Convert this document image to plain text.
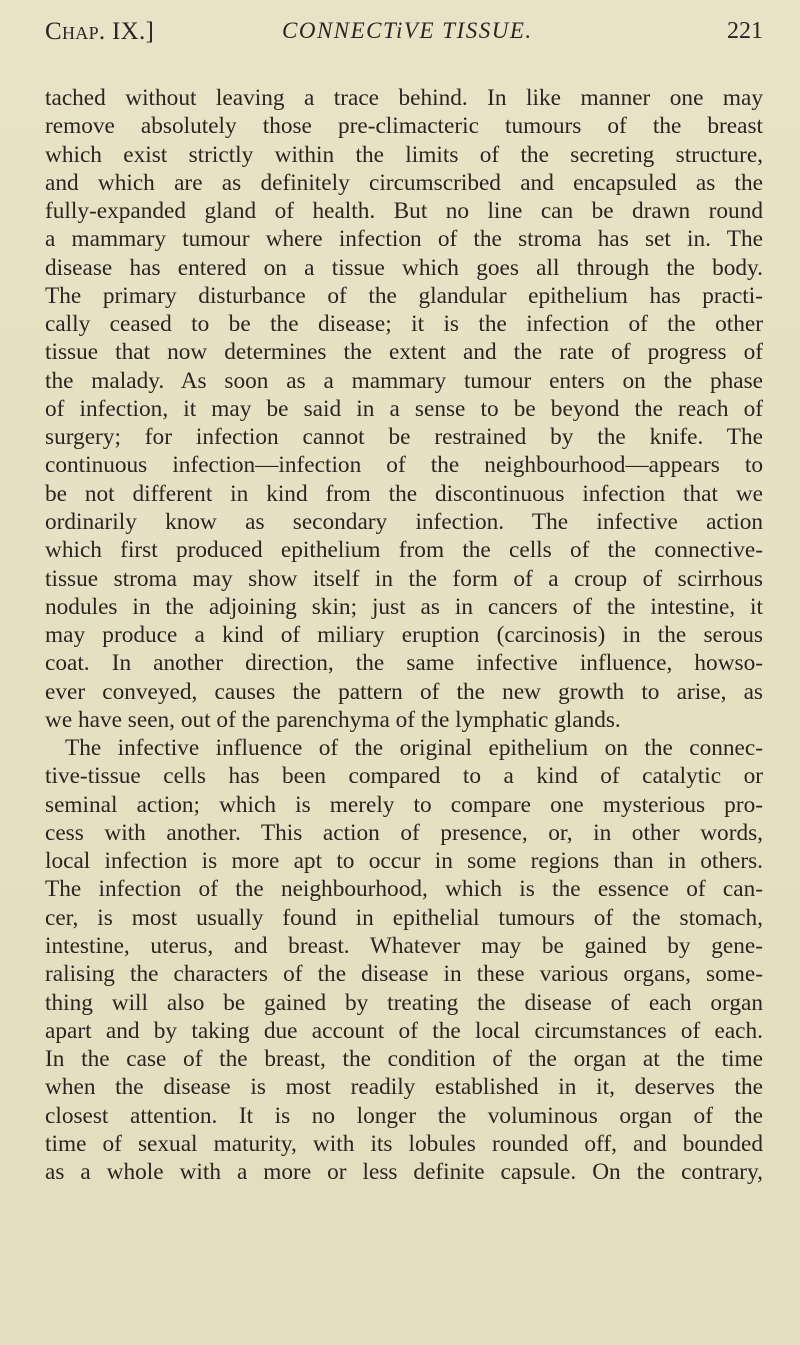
Chap. IX.]	CONNECTiVE TISSUE.	221
tached without leaving a trace behind. In like manner one may
remove absolutely those pre-climacteric tumours of the breast
which exist strictly within the limits of the secreting structure,
and which are as definitely circumscribed and encapsuled as the
fully-expanded gland of health. But no line can be drawn round
a mammary tumour where infection of the stroma has set in. The
disease has entered on a tissue which goes all through the body.
The primary disturbance of the glandular epithelium has practi-
cally ceased to be the disease; it is the infection of the other
tissue that now determines the extent and the rate of progress of
the malady. As soon as a mammary tumour enters on the phase
of infection, it may be said in a sense to be beyond the reach of
surgery; for infection cannot be restrained by the knife. The
continuous infection—infection of the neighbourhood—appears to
be not different in kind from the discontinuous infection that we
ordinarily know as secondary infection. The infective action
which first produced epithelium from the cells of the connective-
tissue stroma may show itself in the form of a croup of scirrhous
nodules in the adjoining skin; just as in cancers of the intestine, it
may produce a kind of miliary eruption (carcinosis) in the serous
coat. In another direction, the same infective influence, howso-
ever conveyed, causes the pattern of the new growth to arise, as
we have seen, out of the parenchyma of the lymphatic glands.
The infective influence of the original epithelium on the connec-
tive-tissue cells has been compared to a kind of catalytic or
seminal action; which is merely to compare one mysterious pro-
cess with another. This action of presence, or, in other words,
local infection is more apt to occur in some regions than in others.
The infection of the neighbourhood, which is the essence of can-
cer, is most usually found in epithelial tumours of the stomach,
intestine, uterus, and breast. Whatever may be gained by gene-
ralising the characters of the disease in these various organs, some-
thing will also be gained by treating the disease of each organ
apart and by taking due account of the local circumstances of each.
In the case of the breast, the condition of the organ at the time
when the disease is most readily established in it, deserves the
closest attention. It is no longer the voluminous organ of the
time of sexual maturity, with its lobules rounded off, and bounded
as a whole with a more or less definite capsule. On the contrary,
